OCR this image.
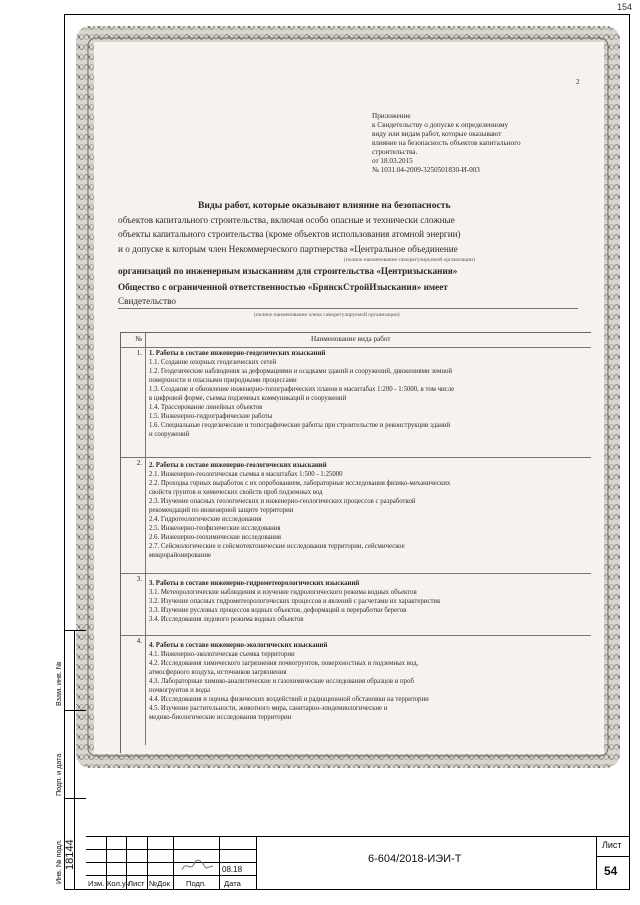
154
2
Приложение
к Свидетельству о допуске к определенному
виду или видам работ, которые оказывают
влияние на безопасность объектов капитального
строительства.
от 18.03.2015
№ 1031.04-2009-3250501830-И-003
Виды работ, которые оказывают влияние на безопасность
объектов капитального строительства, включая особо опасные и технически сложные
объекты капитального строительства (кроме объектов использования атомной энергии)
и о допуске к которым член Некоммерческого партнерства «Центральное объединение
(полное наименование саморегулируемой организации)
организаций по инженерным изысканиям для строительства «Центризыскания»
Общество с ограниченной ответственностью «БрянскСтройИзыскания» имеет
Свидетельство
(полное наименование члена саморегулируемой организации)
№	Наименование вида работ
1. 1. Работы в составе инженерно-геодезических изысканий
1.1. Создание опорных геодезических сетей
1.2. Геодезические наблюдения за деформациями и осадками зданий и сооружений, движениями земной
поверхности и опасными природными процессами
1.3. Создание и обновление инженерно-топографических планов в масштабах 1:200 - 1:5000, в том числе
в цифровой форме, съемка подземных коммуникаций и сооружений
1.4. Трассирование линейных объектов
1.5. Инженерно-гидрографические работы
1.6. Специальные геодезические и топографические работы при строительстве и реконструкции зданий
и сооружений
2. 2. Работы в составе инженерно-геологических изысканий
2.1. Инженерно-геологическая съемка в масштабах 1:500 - 1:25000
2.2. Проходка горных выработок с их опробованием, лабораторные исследования физико-механических
свойств грунтов и химических свойств проб подземных вод
2.3. Изучение опасных геологических и инженерно-геологических процессов с разработкой
рекомендаций по инженерной защите территории
2.4. Гидрогеологические исследования
2.5. Инженерно-геофизические исследования
2.6. Инженерно-геохимические исследования
2.7. Сейсмологические и сейсмотектонические исследования территории, сейсмическое
микрорайонирование
3.
3. Работы в составе инженерно-гидрометеорологических изысканий
3.1. Метеорологические наблюдения и изучение гидрологического режима водных объектов
3.2. Изучение опасных гидрометеорологических процессов и явлений с расчетами их характеристик
3.3. Изучение русловых процессов водных объектов, деформаций и переработки берегов
3.4. Исследования ледового режима водных объектов
4.
4. Работы в составе инженерно-экологических изысканий
4.1. Инженерно-экологическая съемка территории
4.2. Исследования химического загрязнения почвогрунтов, поверхностных и подземных вод,
атмосферного воздуха, источников загрязнения
4.3. Лабораторные химико-аналитические и газохимические исследования образцов и проб
почвогрунтов и воды
4.4. Исследования и оценка физических воздействий и радиационной обстановки на территории
4.5. Изучение растительности, животного мира, санитарно-эпидемиологические и
медико-биологические исследования территории
Взам. инв. №
Подп. и дата
Инв. № подл. 18144	08.18
Изм. Кол.уч
Лист №Док Подп. Дата
6-604/2018-ИЭИ-Т
Лист
54
